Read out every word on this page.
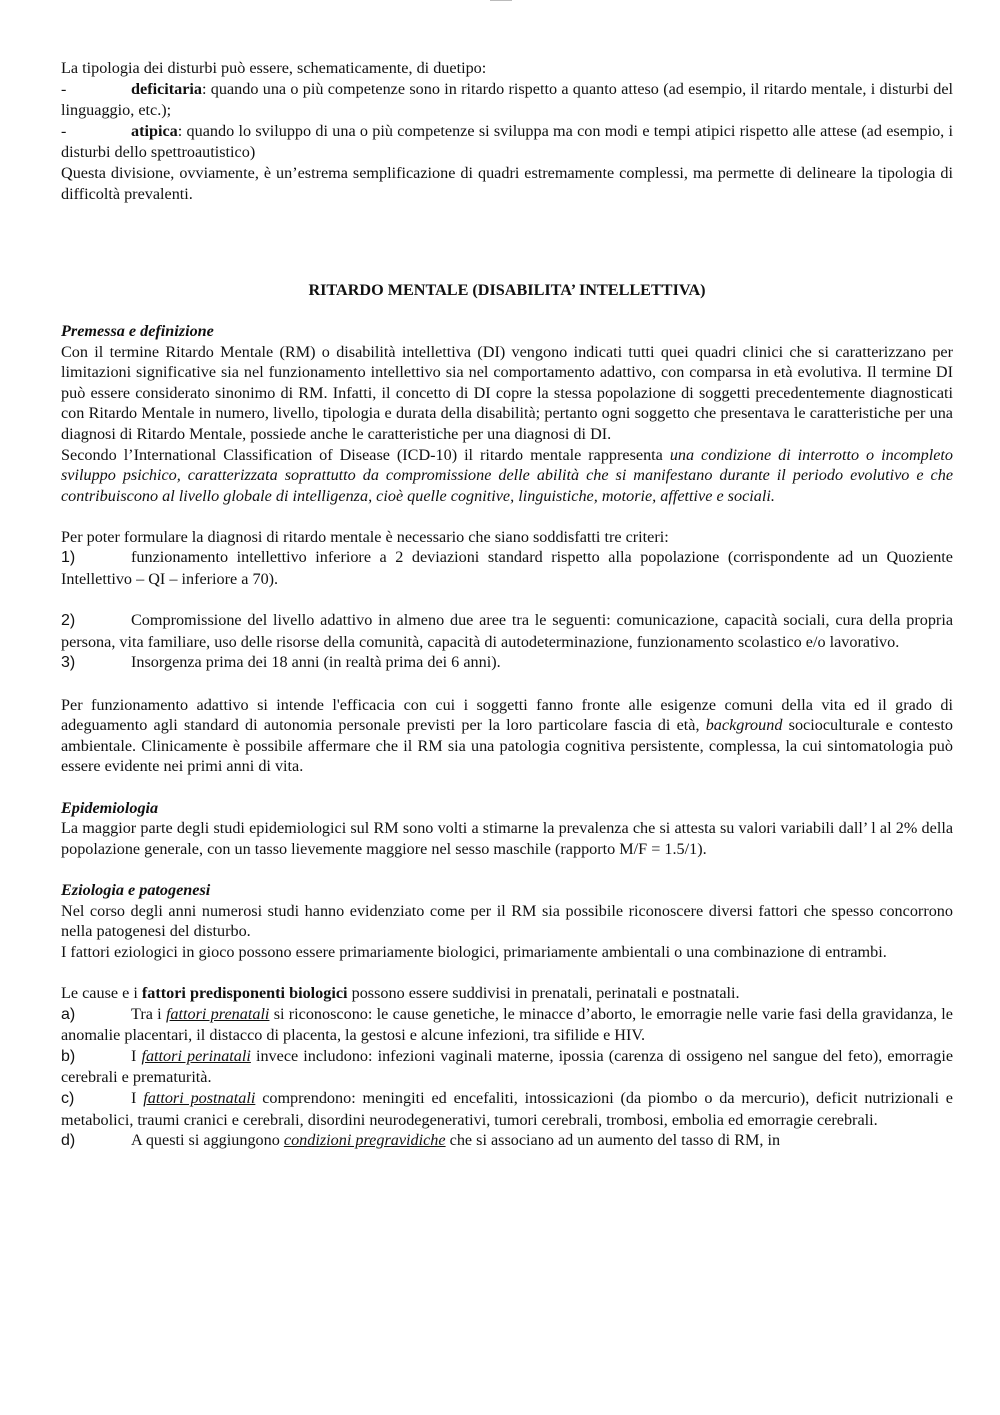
La tipologia dei disturbi può essere, schematicamente, di duetipo:

-	deficitaria: quando una o più competenze sono in ritardo rispetto a quanto atteso (ad esempio, il ritardo mentale, i disturbi del linguaggio, etc.);

-	atipica: quando lo sviluppo di una o più competenze si sviluppa ma con modi e tempi atipici rispetto alle attese (ad esempio, i disturbi dello spettroautistico)

Questa divisione, ovviamente, è un’estrema semplificazione di quadri estremamente complessi, ma permette di delineare la tipologia di difficoltà prevalenti.

RITARDO MENTALE (DISABILITA’ INTELLETTIVA)

Premessa e definizione

Con il termine Ritardo Mentale (RM) o disabilità intellettiva (DI) vengono indicati tutti quei quadri clinici che si caratterizzano per limitazioni significative sia nel funzionamento intellettivo sia nel comportamento adattivo, con comparsa in età evolutiva. Il termine DI può essere considerato sinonimo di RM. Infatti, il concetto di DI copre la stessa popolazione di soggetti precedentemente diagnosticati con Ritardo Mentale in numero, livello, tipologia e durata della disabilità; pertanto ogni soggetto che presentava le caratteristiche per una diagnosi di Ritardo Mentale, possiede anche le caratteristiche per una diagnosi di DI.

Secondo l’International Classification of Disease (ICD-10) il ritardo mentale rappresenta una condizione di interrotto o incompleto sviluppo psichico, caratterizzata soprattutto da compromissione delle abilità che si manifestano durante il periodo evolutivo e che contribuiscono al livello globale di intelligenza, cioè quelle cognitive, linguistiche, motorie, affettive e sociali.

Per poter formulare la diagnosi di ritardo mentale è necessario che siano soddisfatti tre criteri:

1)	funzionamento intellettivo inferiore a 2 deviazioni standard rispetto alla popolazione (corrispondente ad un Quoziente Intellettivo – QI – inferiore a 70).

2)	Compromissione del livello adattivo in almeno due aree tra le seguenti: comunicazione, capacità sociali, cura della propria persona, vita familiare, uso delle risorse della comunità, capacità di autodeterminazione, funzionamento scolastico e/o lavorativo.

3)	Insorgenza prima dei 18 anni (in realtà prima dei 6 anni).

Per funzionamento adattivo si intende l'efficacia con cui i soggetti fanno fronte alle esigenze comuni della vita ed il grado di adeguamento agli standard di autonomia personale previsti per la loro particolare fascia di età, background socioculturale e contesto ambientale. Clinicamente è possibile affermare che il RM sia una patologia cognitiva persistente, complessa, la cui sintomatologia può essere evidente nei primi anni di vita.

Epidemiologia

La maggior parte degli studi epidemiologici sul RM sono volti a stimarne la prevalenza che si attesta su valori variabili dall’ l al 2% della popolazione generale, con un tasso lievemente maggiore nel sesso maschile (rapporto M/F = 1.5/1).

Eziologia e patogenesi

Nel corso degli anni numerosi studi hanno evidenziato come per il RM sia possibile riconoscere diversi fattori che spesso concorrono nella patogenesi del disturbo.

I fattori eziologici in gioco possono essere primariamente biologici, primariamente ambientali o una combinazione di entrambi.

Le cause e i fattori predisponenti biologici possono essere suddivisi in prenatali, perinatali e postnatali.

a)	Tra i fattori prenatali si riconoscono: le cause genetiche, le minacce d’aborto, le emorragie nelle varie fasi della gravidanza, le anomalie placentari, il distacco di placenta, la gestosi e alcune infezioni, tra sifilide e HIV.

b)	I fattori perinatali invece includono: infezioni vaginali materne, ipossia (carenza di ossigeno nel sangue del feto), emorragie cerebrali e prematurità.

c)	I fattori postnatali comprendono: meningiti ed encefaliti, intossicazioni (da piombo o da mercurio), deficit nutrizionali e metabolici, traumi cranici e cerebrali, disordini neurodegenerativi, tumori cerebrali, trombosi, embolia ed emorragie cerebrali.

d)	A questi si aggiungono condizioni pregravidiche che si associano ad un aumento del tasso di RM, in
